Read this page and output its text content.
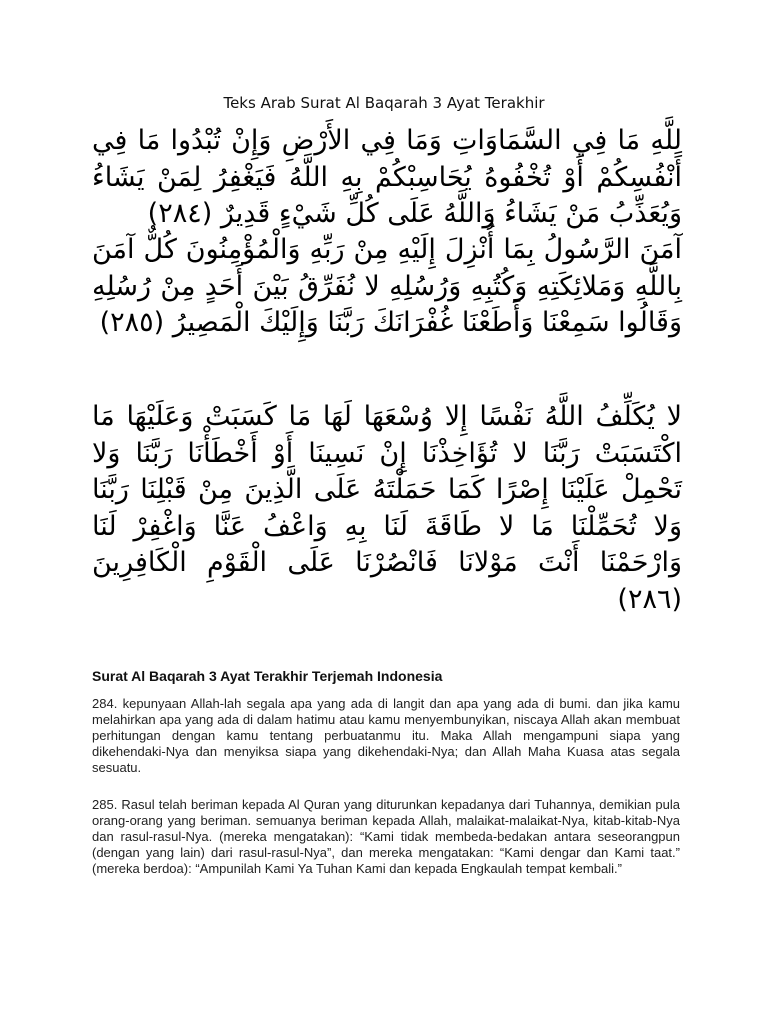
Teks Arab Surat Al Baqarah 3 Ayat Terakhir

لِلَّهِ مَا فِي السَّمَاوَاتِ وَمَا فِي الأَرْضِ وَإِنْ تُبْدُوا مَا فِي أَنْفُسِكُمْ أَوْ تُخْفُوهُ يُحَاسِبْكُمْ بِهِ اللَّهُ فَيَغْفِرُ لِمَنْ يَشَاءُ وَيُعَذِّبُ مَنْ يَشَاءُ وَاللَّهُ عَلَى كُلِّ شَيْءٍ قَدِيرٌ (٢٨٤)

آمَنَ الرَّسُولُ بِمَا أُنْزِلَ إِلَيْهِ مِنْ رَبِّهِ وَالْمُؤْمِنُونَ كُلٌّ آمَنَ بِاللَّهِ وَمَلائِكَتِهِ وَكُتُبِهِ وَرُسُلِهِ لا نُفَرِّقُ بَيْنَ أَحَدٍ مِنْ رُسُلِهِ وَقَالُوا سَمِعْنَا وَأَطَعْنَا غُفْرَانَكَ رَبَّنَا وَإِلَيْكَ الْمَصِيرُ (٢٨٥)

لا يُكَلِّفُ اللَّهُ نَفْسًا إِلا وُسْعَهَا لَهَا مَا كَسَبَتْ وَعَلَيْهَا مَا اكْتَسَبَتْ رَبَّنَا لا تُؤَاخِذْنَا إِنْ نَسِينَا أَوْ أَخْطَأْنَا رَبَّنَا وَلا تَحْمِلْ عَلَيْنَا إِصْرًا كَمَا حَمَلْتَهُ عَلَى الَّذِينَ مِنْ قَبْلِنَا رَبَّنَا وَلا تُحَمِّلْنَا مَا لا طَاقَةَ لَنَا بِهِ وَاعْفُ عَنَّا وَاغْفِرْ لَنَا وَارْحَمْنَا أَنْتَ مَوْلانَا فَانْصُرْنَا عَلَى الْقَوْمِ الْكَافِرِينَ (٢٨٦)

Surat Al Baqarah 3 Ayat Terakhir Terjemah Indonesia

284. kepunyaan Allah-lah segala apa yang ada di langit dan apa yang ada di bumi. dan jika kamu melahirkan apa yang ada di dalam hatimu atau kamu menyembunyikan, niscaya Allah akan membuat perhitungan dengan kamu tentang perbuatanmu itu. Maka Allah mengampuni siapa yang dikehendaki-Nya dan menyiksa siapa yang dikehendaki-Nya; dan Allah Maha Kuasa atas segala sesuatu.

285. Rasul telah beriman kepada Al Quran yang diturunkan kepadanya dari Tuhannya, demikian pula orang-orang yang beriman. semuanya beriman kepada Allah, malaikat-malaikat-Nya, kitab-kitab-Nya dan rasul-rasul-Nya. (mereka mengatakan): “Kami tidak membeda-bedakan antara seseorangpun (dengan yang lain) dari rasul-rasul-Nya”, dan mereka mengatakan: “Kami dengar dan Kami taat.” (mereka berdoa): “Ampunilah Kami Ya Tuhan Kami dan kepada Engkaulah tempat kembali.”
